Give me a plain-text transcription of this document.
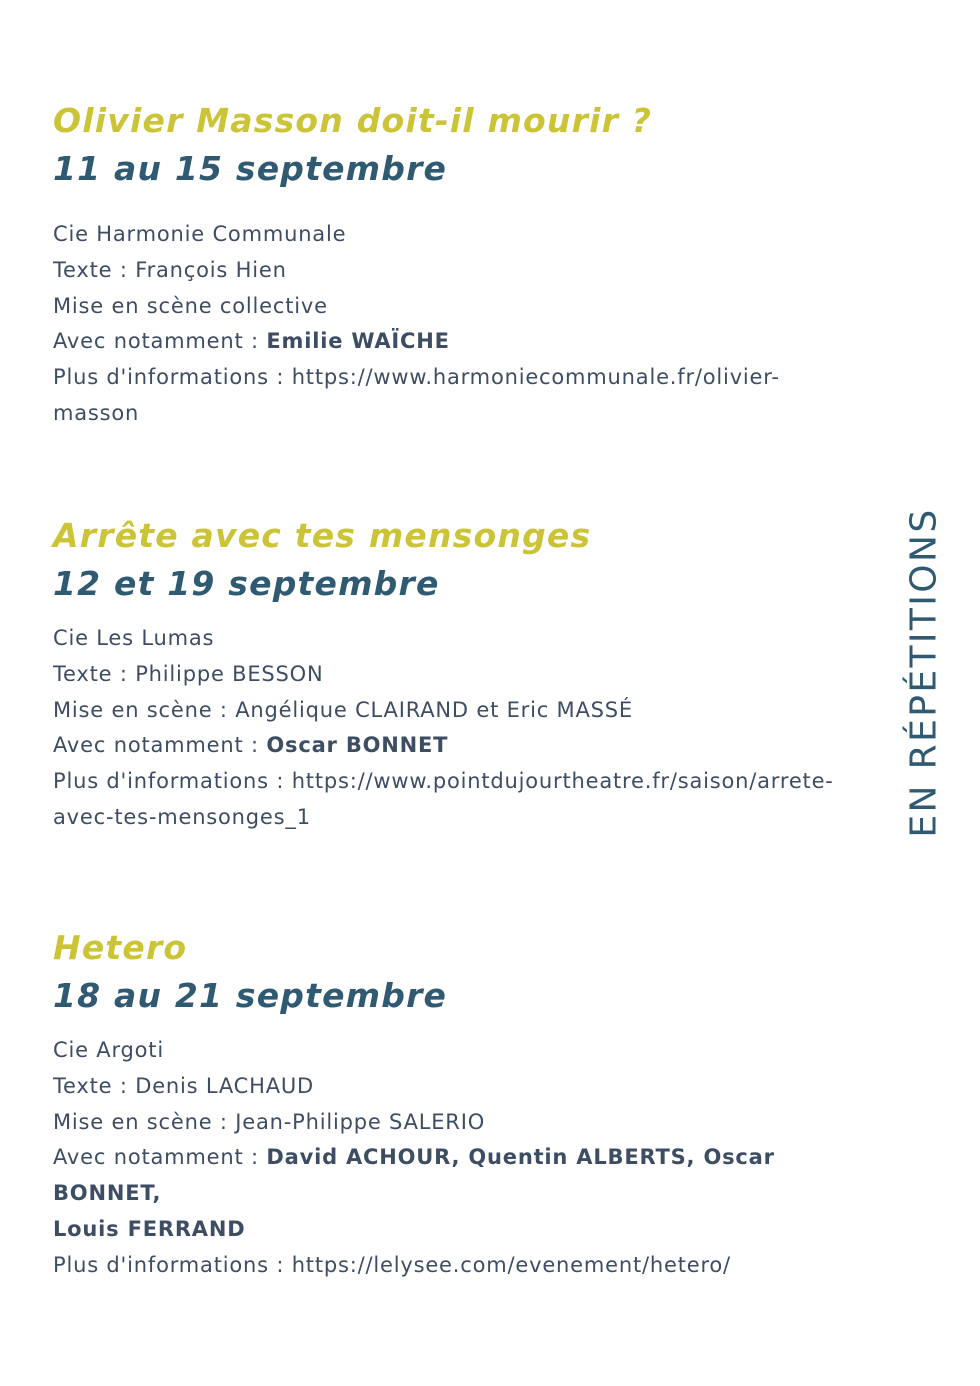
Olivier Masson doit-il mourir ?
11 au 15 septembre

Cie Harmonie Communale

Texte : François Hien

Mise en scène collective

Avec notamment : Emilie WAÏCHE

Plus d'informations : https://www.harmoniecommunale.fr/olivier-

masson

Arrête avec tes mensonges
12 et 19 septembre

Cie Les Lumas

Texte : Philippe BESSON

Mise en scène : Angélique CLAIRAND et Eric MASSÉ

Avec notamment : Oscar BONNET

Plus d'informations : https://www.pointdujourtheatre.fr/saison/arrete-

avec-tes-mensonges_1

Hetero
18 au 21 septembre

Cie Argoti

Texte : Denis LACHAUD

Mise en scène : Jean-Philippe SALERIO

Avec notamment : David ACHOUR, Quentin ALBERTS, Oscar BONNET,

Louis FERRAND

Plus d'informations : https://lelysee.com/evenement/hetero/

EN RÉPÉTITIONS
